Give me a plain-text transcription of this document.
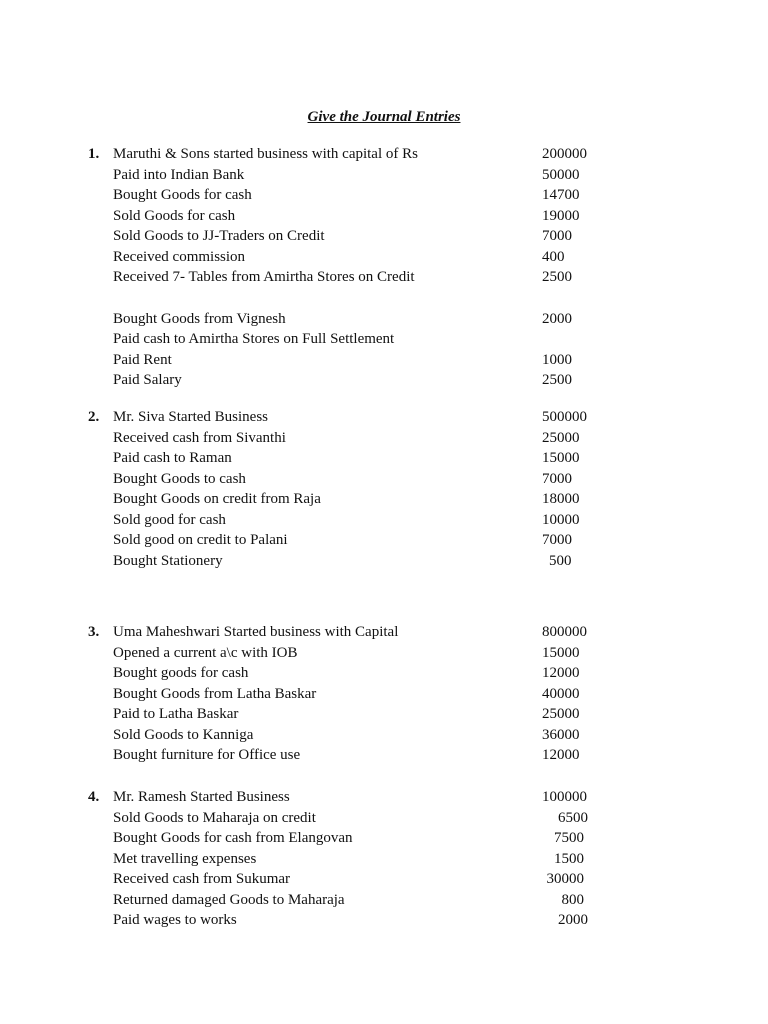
Give the Journal Entries
1. Maruthi & Sons started business with capital of Rs	200000
Paid into Indian Bank	50000
Bought Goods for cash	14700
Sold Goods for cash	19000
Sold Goods to JJ-Traders on Credit	7000
Received commission	400
Received 7- Tables from Amirtha Stores on Credit	2500
Bought Goods from Vignesh	2000
Paid cash to Amirtha Stores on Full Settlement
Paid Rent	1000
Paid Salary	2500
2. Mr. Siva Started Business	500000
Received cash from Sivanthi	25000
Paid cash to Raman	15000
Bought Goods to cash	7000
Bought Goods on credit from Raja	18000
Sold good for cash	10000
Sold good on credit to Palani	7000
Bought Stationery	500
3. Uma Maheshwari Started business with Capital	800000
Opened a current a\c with IOB	15000
Bought goods for cash	12000
Bought Goods from Latha Baskar	40000
Paid to Latha Baskar	25000
Sold Goods to Kanniga	36000
Bought furniture for Office use	12000
4. Mr. Ramesh Started Business	100000
Sold Goods to Maharaja on credit	6500
Bought Goods for cash from Elangovan	7500
Met travelling expenses	1500
Received cash from Sukumar	30000
Returned damaged Goods to Maharaja	800
Paid wages to works	2000
